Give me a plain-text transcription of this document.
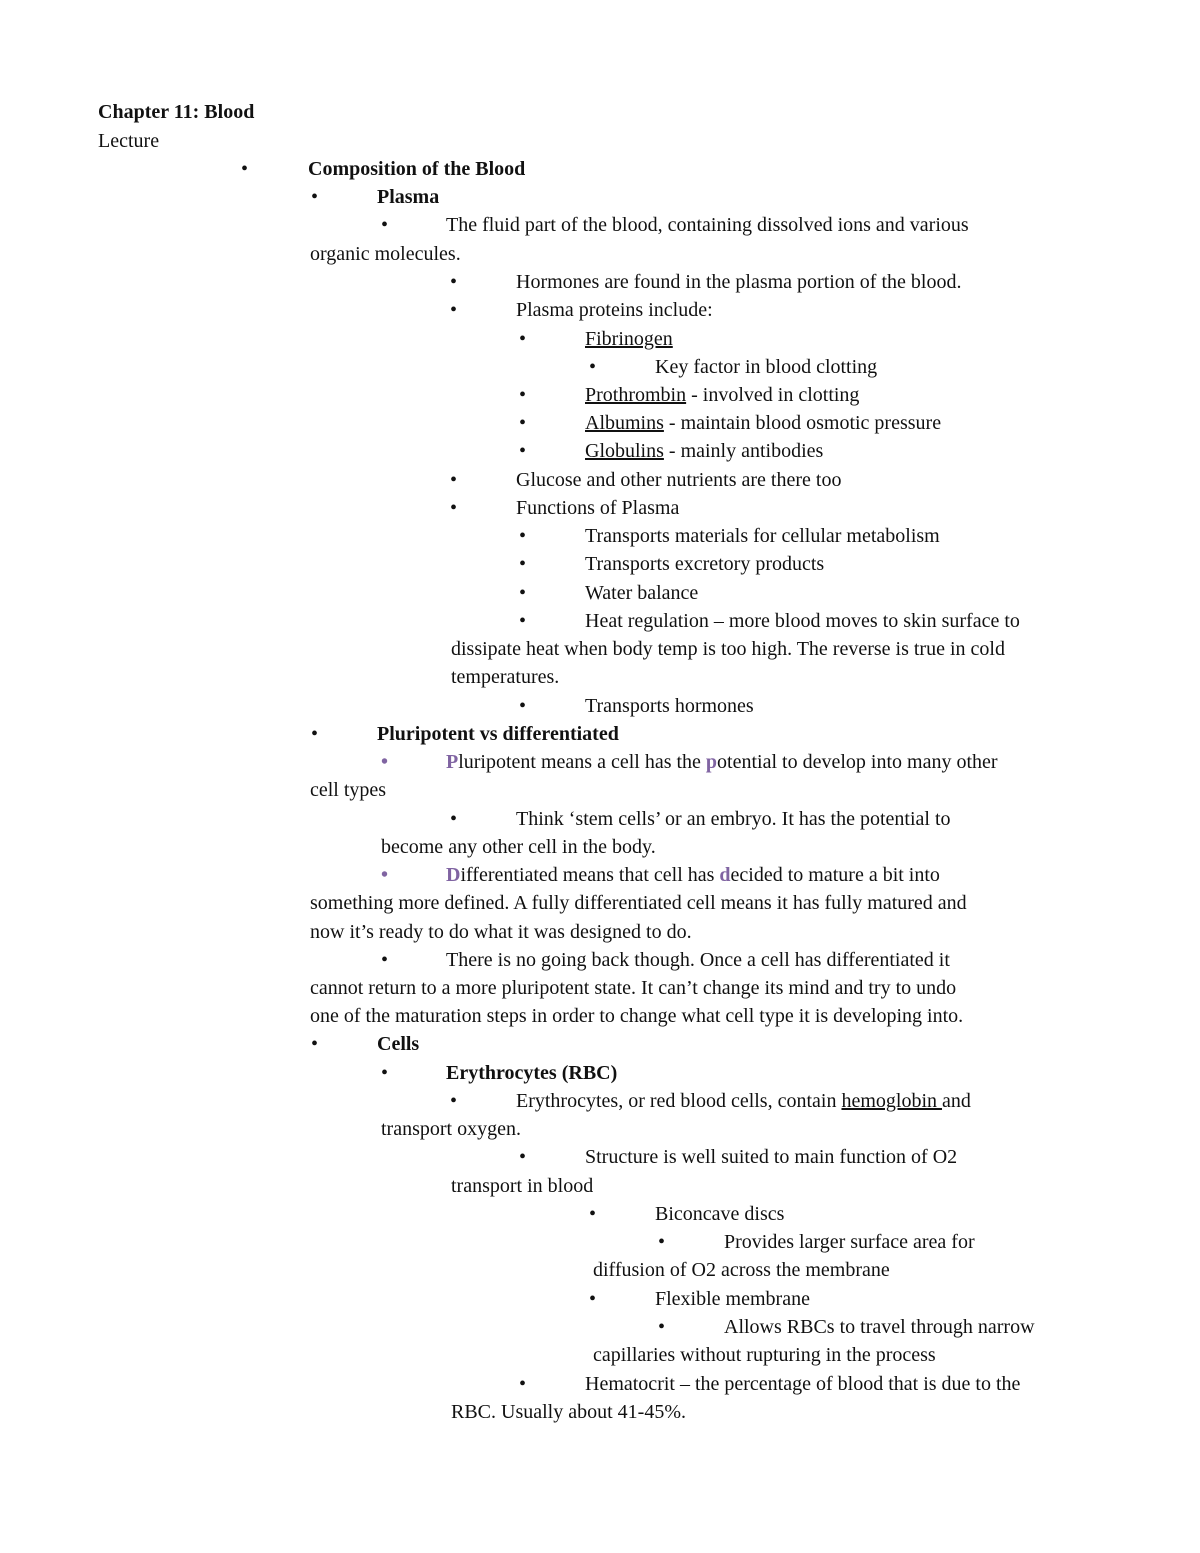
Chapter 11: Blood
Lecture
•	Composition of the Blood
•	Plasma
•	The fluid part of the blood, containing dissolved ions and various
organic molecules.
•	Hormones are found in the plasma portion of the blood.
•	Plasma proteins include:
•	Fibrinogen
•	Key factor in blood clotting
•	Prothrombin - involved in clotting
•	Albumins - maintain blood osmotic pressure
•	Globulins - mainly antibodies
•	Glucose and other nutrients are there too
•	Functions of Plasma
•	Transports materials for cellular metabolism
•	Transports excretory products
•	Water balance
•	Heat regulation – more blood moves to skin surface to
dissipate heat when body temp is too high. The reverse is true in cold
temperatures.
•	Transports hormones
•	Pluripotent vs differentiated
•	Pluripotent means a cell has the potential to develop into many other
cell types
•	Think ‘stem cells’ or an embryo. It has the potential to
become any other cell in the body.
•	Differentiated means that cell has decided to mature a bit into
something more defined. A fully differentiated cell means it has fully matured and
now it’s ready to do what it was designed to do.
•	There is no going back though. Once a cell has differentiated it
cannot return to a more pluripotent state. It can’t change its mind and try to undo
one of the maturation steps in order to change what cell type it is developing into.
•	Cells
•	Erythrocytes (RBC)
•	Erythrocytes, or red blood cells, contain hemoglobin and
transport oxygen.
•	Structure is well suited to main function of O2
transport in blood
•	Biconcave discs
•	Provides larger surface area for
diffusion of O2 across the membrane
•	Flexible membrane
•	Allows RBCs to travel through narrow
capillaries without rupturing in the process
•	Hematocrit – the percentage of blood that is due to the
RBC. Usually about 41-45%.
